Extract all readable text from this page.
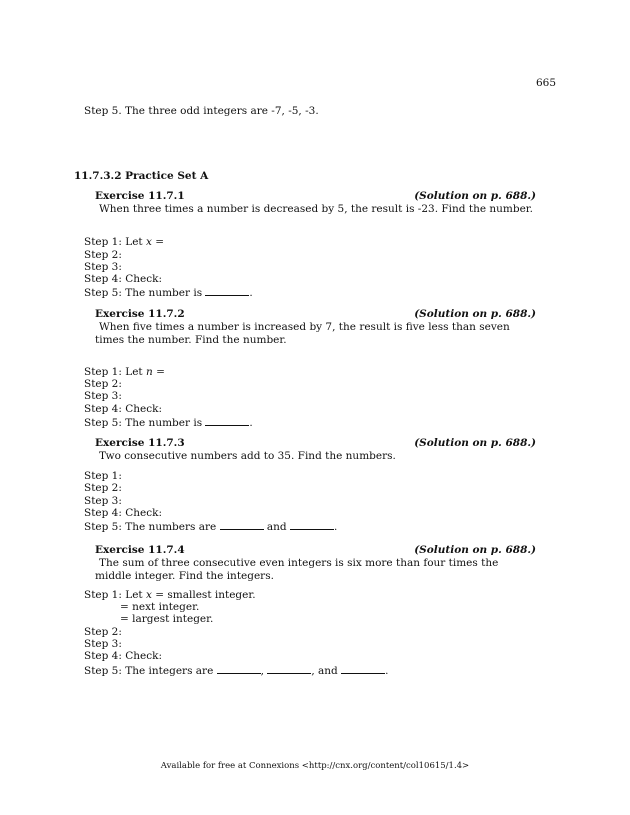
665
Step 5. The three odd integers are -7, -5, -3.
11.7.3.2 Practice Set A
Exercise 11.7.1	(Solution on p. 688.)
When three times a number is decreased by 5, the result is -23. Find the number.
Step 1: Let x =
Step 2:
Step 3:
Step 4: Check:
Step 5: The number is	.
Exercise 11.7.2	(Solution on p. 688.)
When five times a number is increased by 7, the result is five less than seven times the number. Find the number.
Step 1: Let n =
Step 2:
Step 3:
Step 4: Check:
Step 5: The number is	.
Exercise 11.7.3	(Solution on p. 688.)
Two consecutive numbers add to 35. Find the numbers.
Step 1:
Step 2:
Step 3:
Step 4: Check:
Step 5: The numbers are	and	.
Exercise 11.7.4	(Solution on p. 688.)
The sum of three consecutive even integers is six more than four times the middle integer. Find the integers.
Step 1: Let x = smallest integer.
= next integer.
= largest integer.
Step 2:
Step 3:
Step 4: Check:
Step 5: The integers are	,	, and	.
Available for free at Connexions <http://cnx.org/content/col10615/1.4>
